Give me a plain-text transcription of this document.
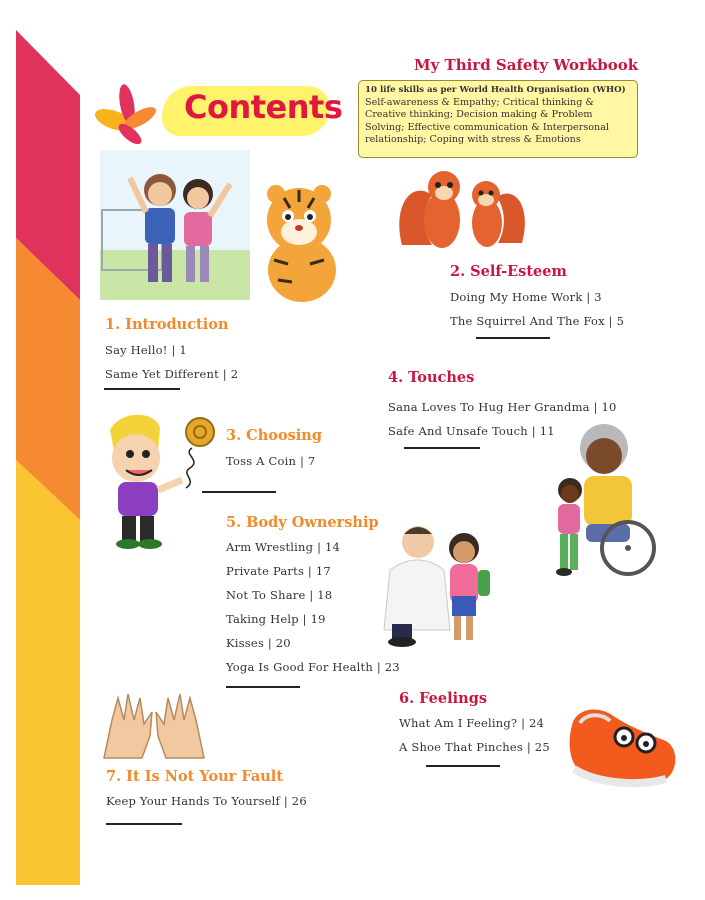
My Third Safety Workbook
10 life skills as per World Health Organisation (WHO)
Self-awareness & Empathy; Critical thinking & Creative thinking; Decision making & Problem Solving; Effective communication & Interpersonal relationship; Coping with stress & Emotions
Contents
1. Introduction
Say Hello! | 1
Same Yet Different | 2
2. Self-Esteem
Doing My Home Work | 3
The Squirrel And The Fox | 5
3. Choosing
Toss A Coin | 7
4. Touches
Sana Loves To Hug Her Grandma | 10
Safe And Unsafe Touch | 11
5. Body Ownership
Arm Wrestling | 14
Private Parts | 17
Not To Share | 18
Taking Help | 19
Kisses | 20
Yoga Is Good For Health | 23
6. Feelings
What Am I Feeling? | 24
A Shoe That Pinches | 25
7. It Is Not Your Fault
Keep Your Hands To Yourself | 26
